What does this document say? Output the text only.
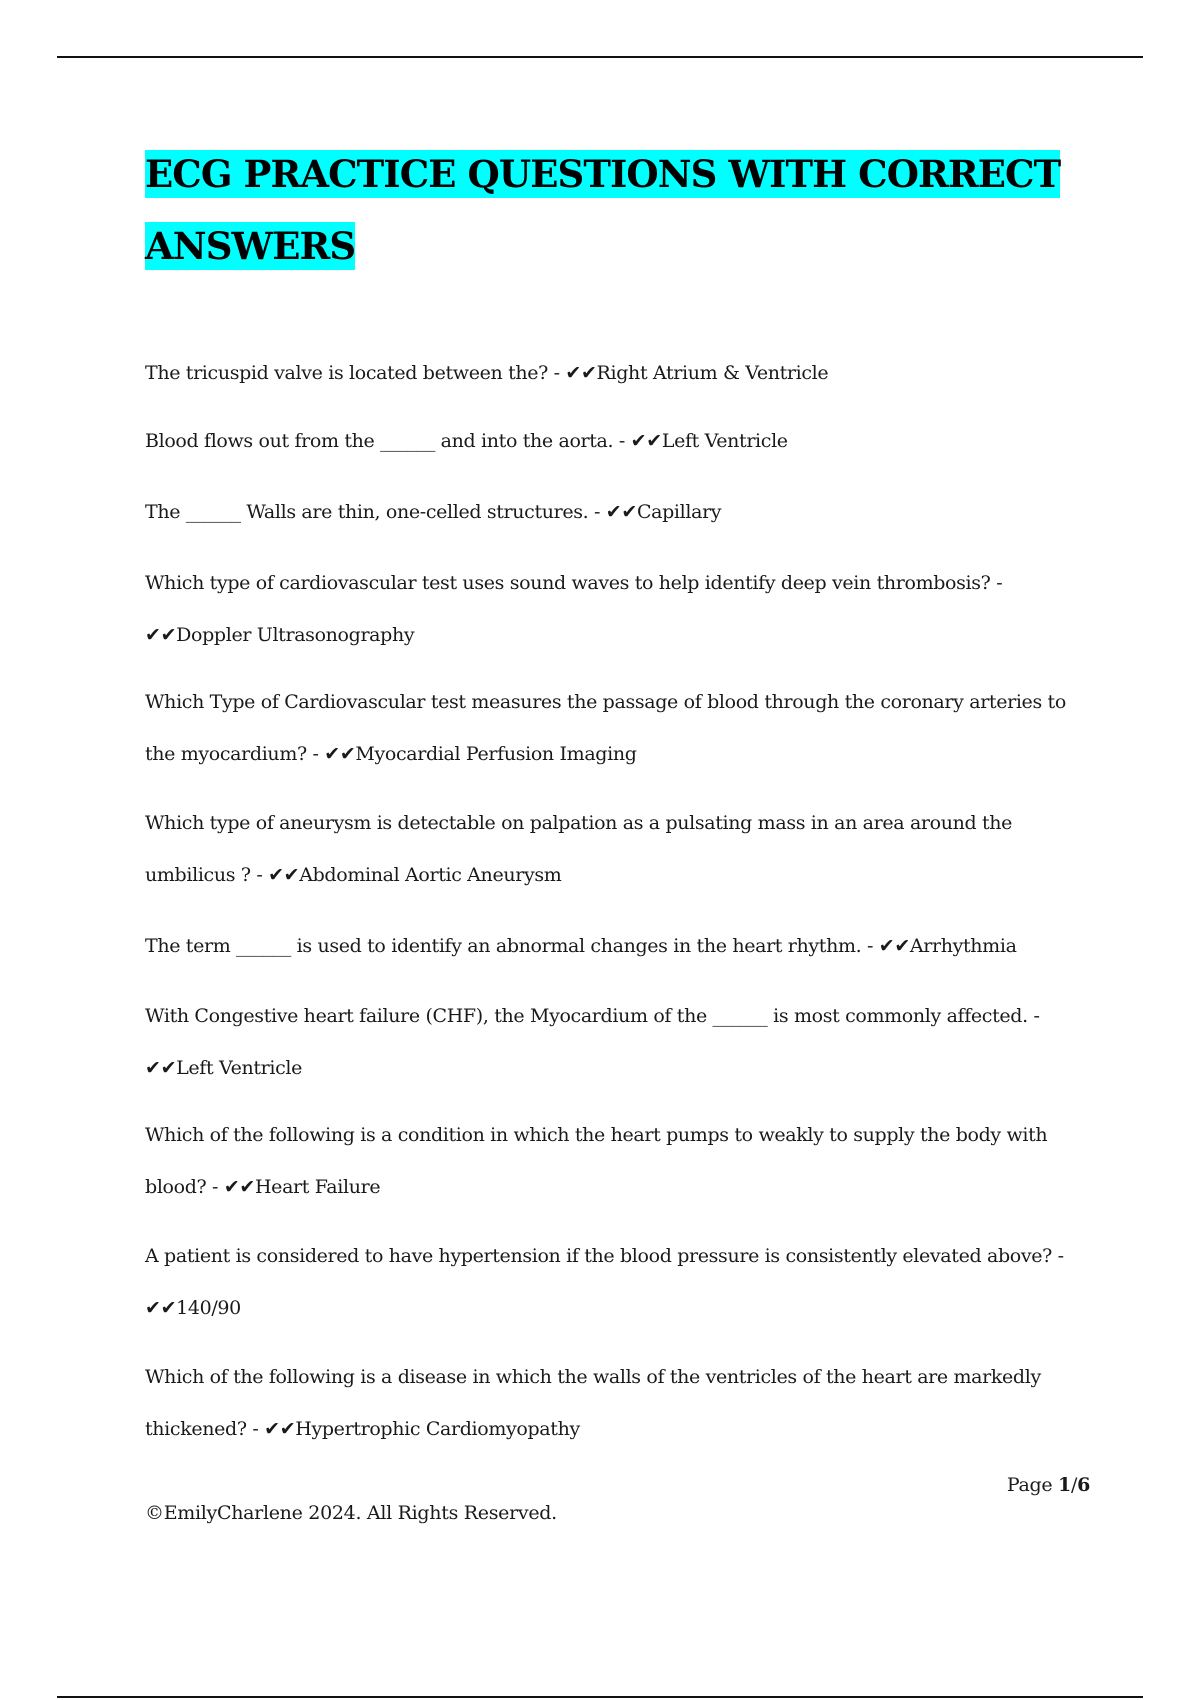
ECG PRACTICE QUESTIONS WITH CORRECT ANSWERS

The tricuspid valve is located between the? - ✔✔Right Atrium & Ventricle

Blood flows out from the ______ and into the aorta. - ✔✔Left Ventricle

The ______ Walls are thin, one-celled structures. - ✔✔Capillary

Which type of cardiovascular test uses sound waves to help identify deep vein thrombosis? - ✔✔Doppler Ultrasonography

Which Type of Cardiovascular test measures the passage of blood through the coronary arteries to the myocardium? - ✔✔Myocardial Perfusion Imaging

Which type of aneurysm is detectable on palpation as a pulsating mass in an area around the umbilicus ? - ✔✔Abdominal Aortic Aneurysm

The term ______ is used to identify an abnormal changes in the heart rhythm. - ✔✔Arrhythmia

With Congestive heart failure (CHF), the Myocardium of the ______ is most commonly affected. - ✔✔Left Ventricle

Which of the following is a condition in which the heart pumps to weakly to supply the body with blood? - ✔✔Heart Failure

A patient is considered to have hypertension if the blood pressure is consistently elevated above? - ✔✔140/90

Which of the following is a disease in which the walls of the ventricles of the heart are markedly thickened? - ✔✔Hypertrophic Cardiomyopathy

Page 1/6
©EmilyCharlene 2024. All Rights Reserved.
